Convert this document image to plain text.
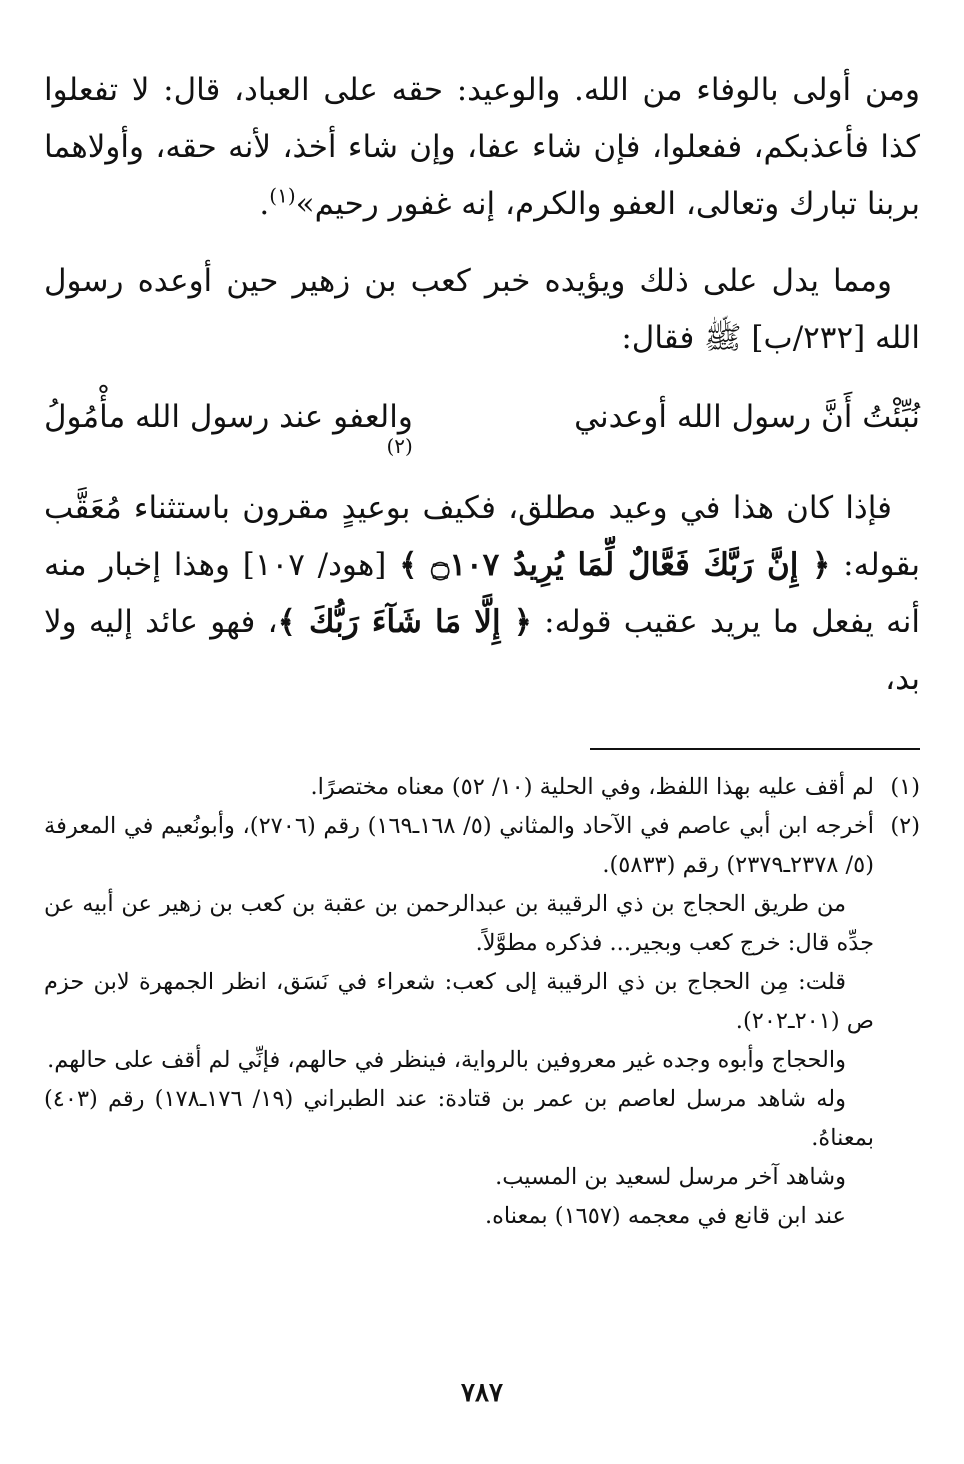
ومن أولى بالوفاء من الله. والوعيد: حقه على العباد، قال: لا تفعلوا كذا فأعذبكم، ففعلوا، فإن شاء عفا، وإن شاء أخذ، لأنه حقه، وأولاهما بربنا تبارك وتعالى، العفو والكرم، إنه غفور رحيم»$^{(١)}$.

ومما يدل على ذلك ويؤيده خبر كعب بن زهير حين أوعده رسول الله [٢٣٢/ب] ﷺ فقال:

نُبِّئْتُ أَنَّ رسول الله أوعدني
والعفو عند رسول الله مأْمُولُ
(٢)

فإذا كان هذا في وعيد مطلق، فكيف بوعيدٍ مقرون باستثناء مُعَقَّب بقوله: ﴿ إِنَّ رَبَّكَ فَعَّالٌ لِّمَا يُرِيدُ ۝١٠٧ ﴾ [هود/ ١٠٧] وهذا إخبار منه أنه يفعل ما يريد عقيب قوله: ﴿ إِلَّا مَا شَآءَ رَبُّكَ ﴾، فهو عائد إليه ولا بد،

(١)
لم أقف عليه بهذا اللفظ، وفي الحلية (١٠/ ٥٢) معناه مختصرًا.
(٢)
أخرجه ابن أبي عاصم في الآحاد والمثاني (٥/ ١٦٨ـ١٦٩) رقم (٢٧٠٦)، وأبونُعيم في المعرفة (٥/ ٢٣٧٨ـ٢٣٧٩) رقم (٥٨٣٣).

من طريق الحجاج بن ذي الرقيبة بن عبدالرحمن بن عقبة بن كعب بن زهير عن أبيه عن جدِّه قال: خرج كعب وبجير... فذكره مطوَّلاً.

قلت: مِن الحجاج بن ذي الرقيبة إلى كعب: شعراء في نَسَق، انظر الجمهرة لابن حزم ص (٢٠١ـ٢٠٢).

والحجاج وأبوه وجده غير معروفين بالرواية، فينظر في حالهم، فإنِّي لم أقف على حالهم.

وله شاهد مرسل لعاصم بن عمر بن قتادة: عند الطبراني (١٩/ ١٧٦ـ١٧٨) رقم (٤٠٣) بمعناهُ.

وشاهد آخر مرسل لسعيد بن المسيب.

عند ابن قانع في معجمه (١٦٥٧) بمعناه.

٧٨٧
